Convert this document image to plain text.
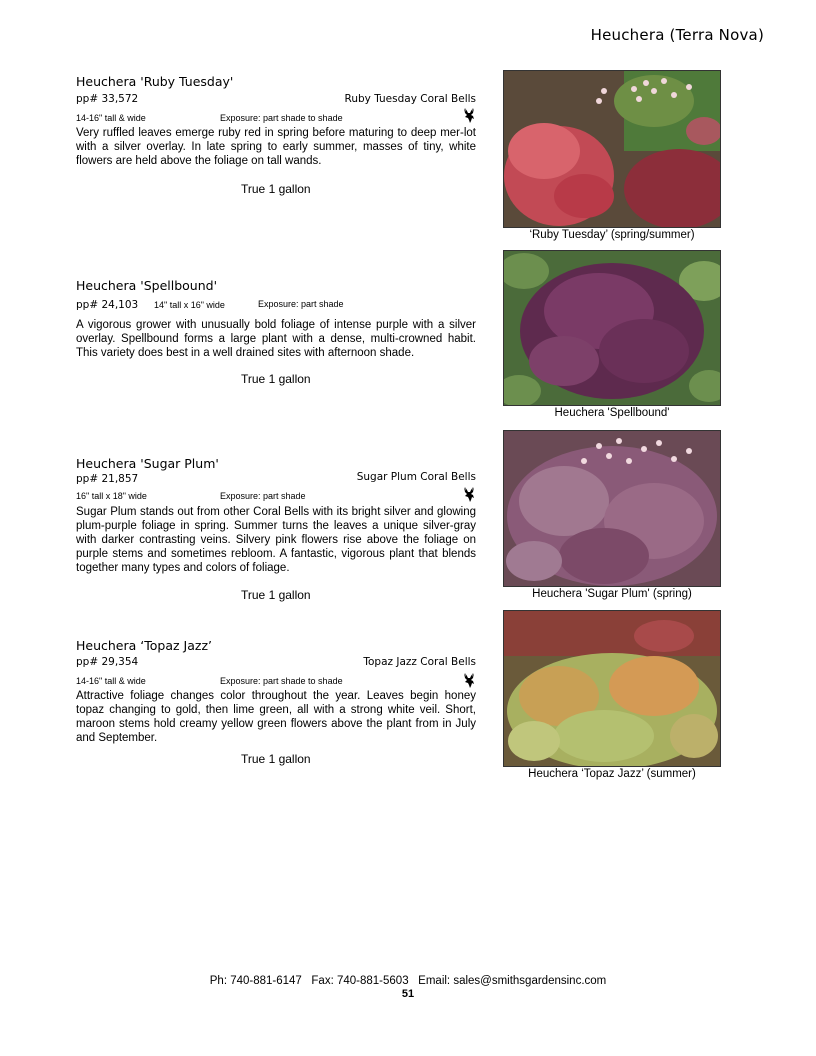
Heuchera (Terra Nova)
Heuchera 'Ruby Tuesday'
pp# 33,572	Ruby Tuesday Coral Bells
14-16" tall & wide	Exposure: part shade to shade
Very ruffled leaves emerge ruby red in spring before maturing to deep mer-lot with a silver overlay. In late spring to early summer, masses of tiny, white flowers are held above the foliage on tall wands.
True 1 gallon
‘Ruby Tuesday’ (spring/summer)
Heuchera 'Spellbound'
pp# 24,103 14" tall x 16" wide	Exposure: part shade
A vigorous grower with unusually bold foliage of intense purple with a silver overlay. Spellbound forms a large plant with a dense, multi-crowned habit. This variety does best in a well drained sites with afternoon shade.
True 1 gallon
Heuchera 'Spellbound'
Heuchera 'Sugar Plum'
pp# 21,857	Sugar Plum Coral Bells
16" tall x 18" wide	Exposure: part shade
Sugar Plum stands out from other Coral Bells with its bright silver and glowing plum-purple foliage in spring. Summer turns the leaves a unique silver-gray with darker contrasting veins. Silvery pink flowers rise above the foliage on purple stems and sometimes rebloom. A fantastic, vigorous plant that blends together many types and colors of foliage.
True 1 gallon	Heuchera 'Sugar Plum' (spring)
Heuchera ‘Topaz Jazz’
pp# 29,354	Topaz Jazz Coral Bells
14-16" tall & wide	Exposure: part shade to shade
Attractive foliage changes color throughout the year. Leaves begin honey topaz changing to gold, then lime green, all with a strong white veil. Short, maroon stems hold creamy yellow green flowers above the plant from in July and September.
True 1 gallon
Heuchera ‘Topaz Jazz’ (summer)
Ph: 740-881-6147   Fax: 740-881-5603   Email: sales@smithsgardensinc.com
51
